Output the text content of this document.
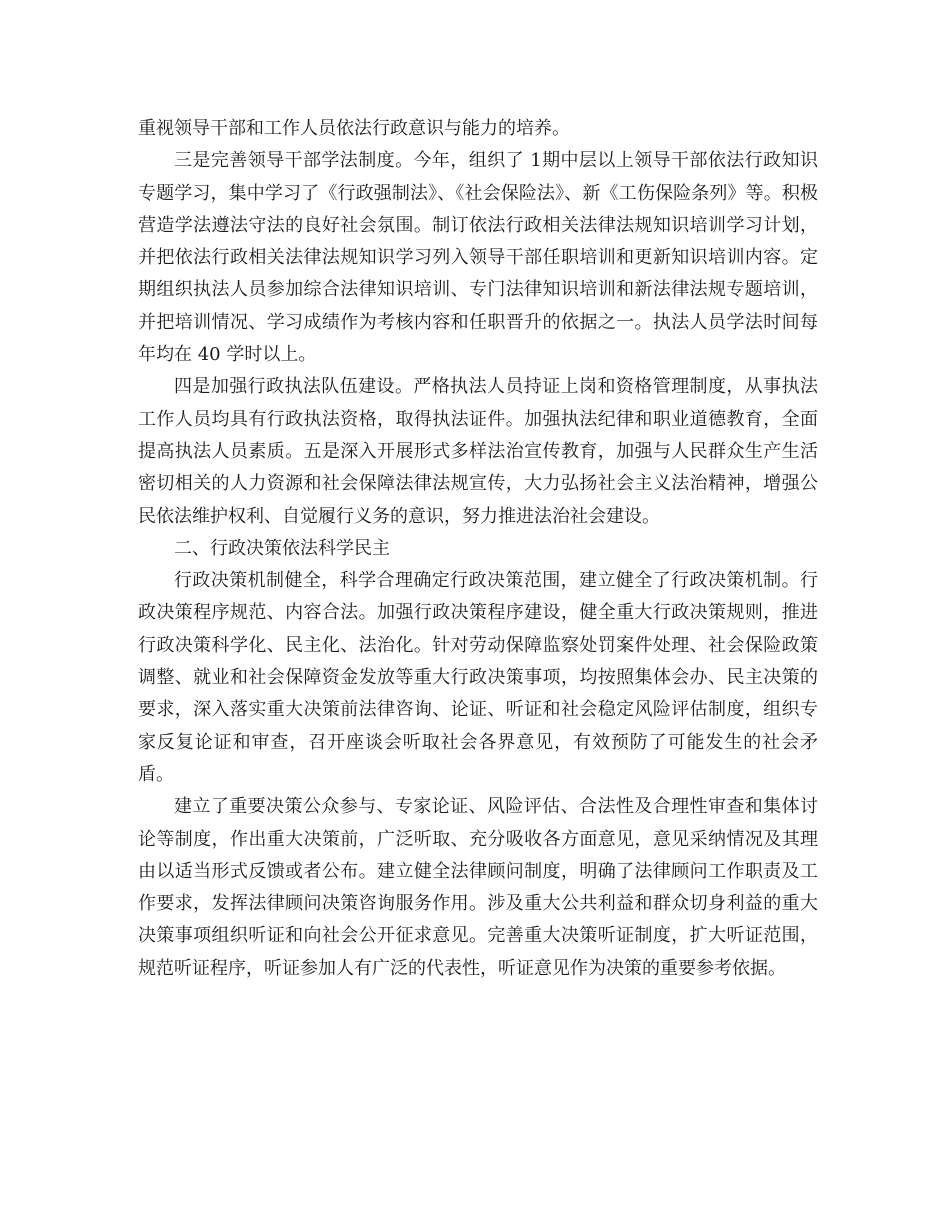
重视领导干部和工作人员依法行政意识与能力的培养。

三是完善领导干部学法制度。今年，组织了 1期中层以上领导干部依法行政知识专题学习，集中学习了《行政强制法》、《社会保险法》、新《工伤保险条列》等。积极营造学法遵法守法的良好社会氛围。制订依法行政相关法律法规知识培训学习计划，并把依法行政相关法律法规知识学习列入领导干部任职培训和更新知识培训内容。定期组织执法人员参加综合法律知识培训、专门法律知识培训和新法律法规专题培训，并把培训情况、学习成绩作为考核内容和任职晋升的依据之一。执法人员学法时间每年均在 40 学时以上。

四是加强行政执法队伍建设。严格执法人员持证上岗和资格管理制度，从事执法工作人员均具有行政执法资格，取得执法证件。加强执法纪律和职业道德教育，全面提高执法人员素质。五是深入开展形式多样法治宣传教育，加强与人民群众生产生活密切相关的人力资源和社会保障法律法规宣传，大力弘扬社会主义法治精神，增强公民依法维护权利、自觉履行义务的意识，努力推进法治社会建设。

二、行政决策依法科学民主

行政决策机制健全，科学合理确定行政决策范围，建立健全了行政决策机制。行政决策程序规范、内容合法。加强行政决策程序建设，健全重大行政决策规则，推进行政决策科学化、民主化、法治化。针对劳动保障监察处罚案件处理、社会保险政策调整、就业和社会保障资金发放等重大行政决策事项，均按照集体会办、民主决策的要求，深入落实重大决策前法律咨询、论证、听证和社会稳定风险评估制度，组织专家反复论证和审查，召开座谈会听取社会各界意见，有效预防了可能发生的社会矛盾。

建立了重要决策公众参与、专家论证、风险评估、合法性及合理性审查和集体讨论等制度，作出重大决策前，广泛听取、充分吸收各方面意见，意见采纳情况及其理由以适当形式反馈或者公布。建立健全法律顾问制度，明确了法律顾问工作职责及工作要求，发挥法律顾问决策咨询服务作用。涉及重大公共利益和群众切身利益的重大决策事项组织听证和向社会公开征求意见。完善重大决策听证制度，扩大听证范围，规范听证程序，听证参加人有广泛的代表性，听证意见作为决策的重要参考依据。
